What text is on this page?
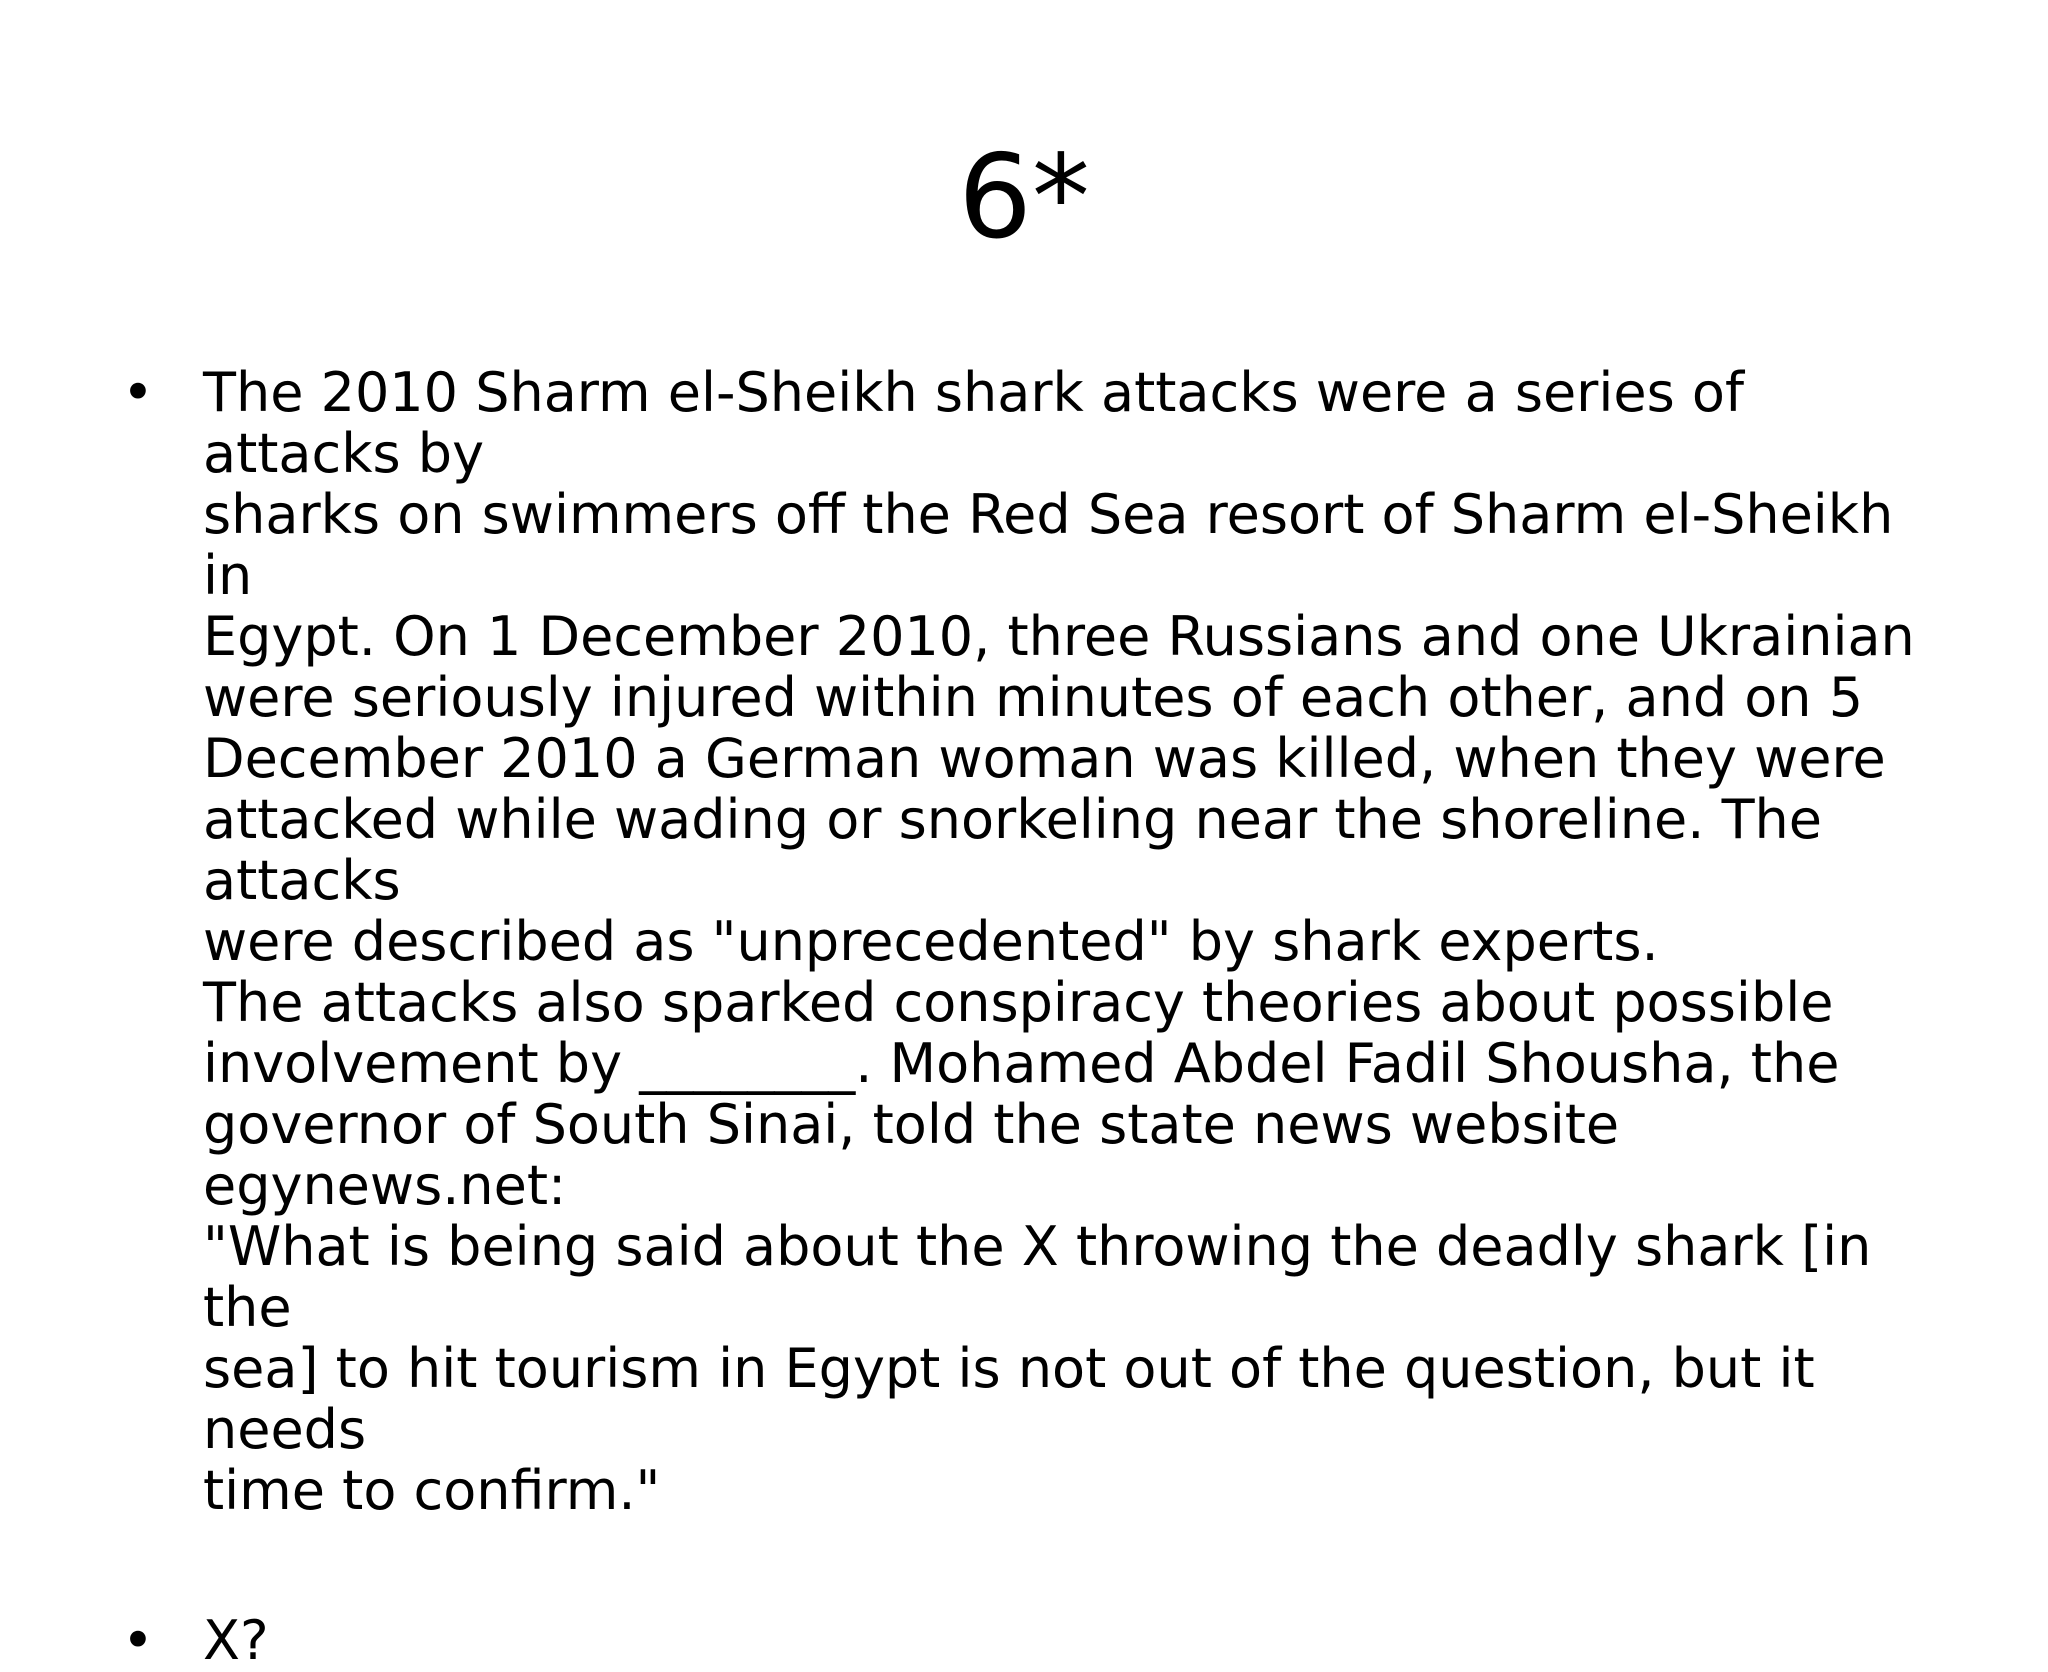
6*
• The 2010 Sharm el-Sheikh shark attacks were a series of attacks by
sharks on swimmers off the Red Sea resort of Sharm el-Sheikh in
Egypt. On 1 December 2010, three Russians and one Ukrainian
were seriously injured within minutes of each other, and on 5
December 2010 a German woman was killed, when they were
attacked while wading or snorkeling near the shoreline. The attacks
were described as "unprecedented" by shark experts.

The attacks also sparked conspiracy theories about possible
involvement by ________. Mohamed Abdel Fadil Shousha, the
governor of South Sinai, told the state news website egynews.net:
"What is being said about the X throwing the deadly shark [in the
sea] to hit tourism in Egypt is not out of the question, but it needs
time to confirm."

• X?
